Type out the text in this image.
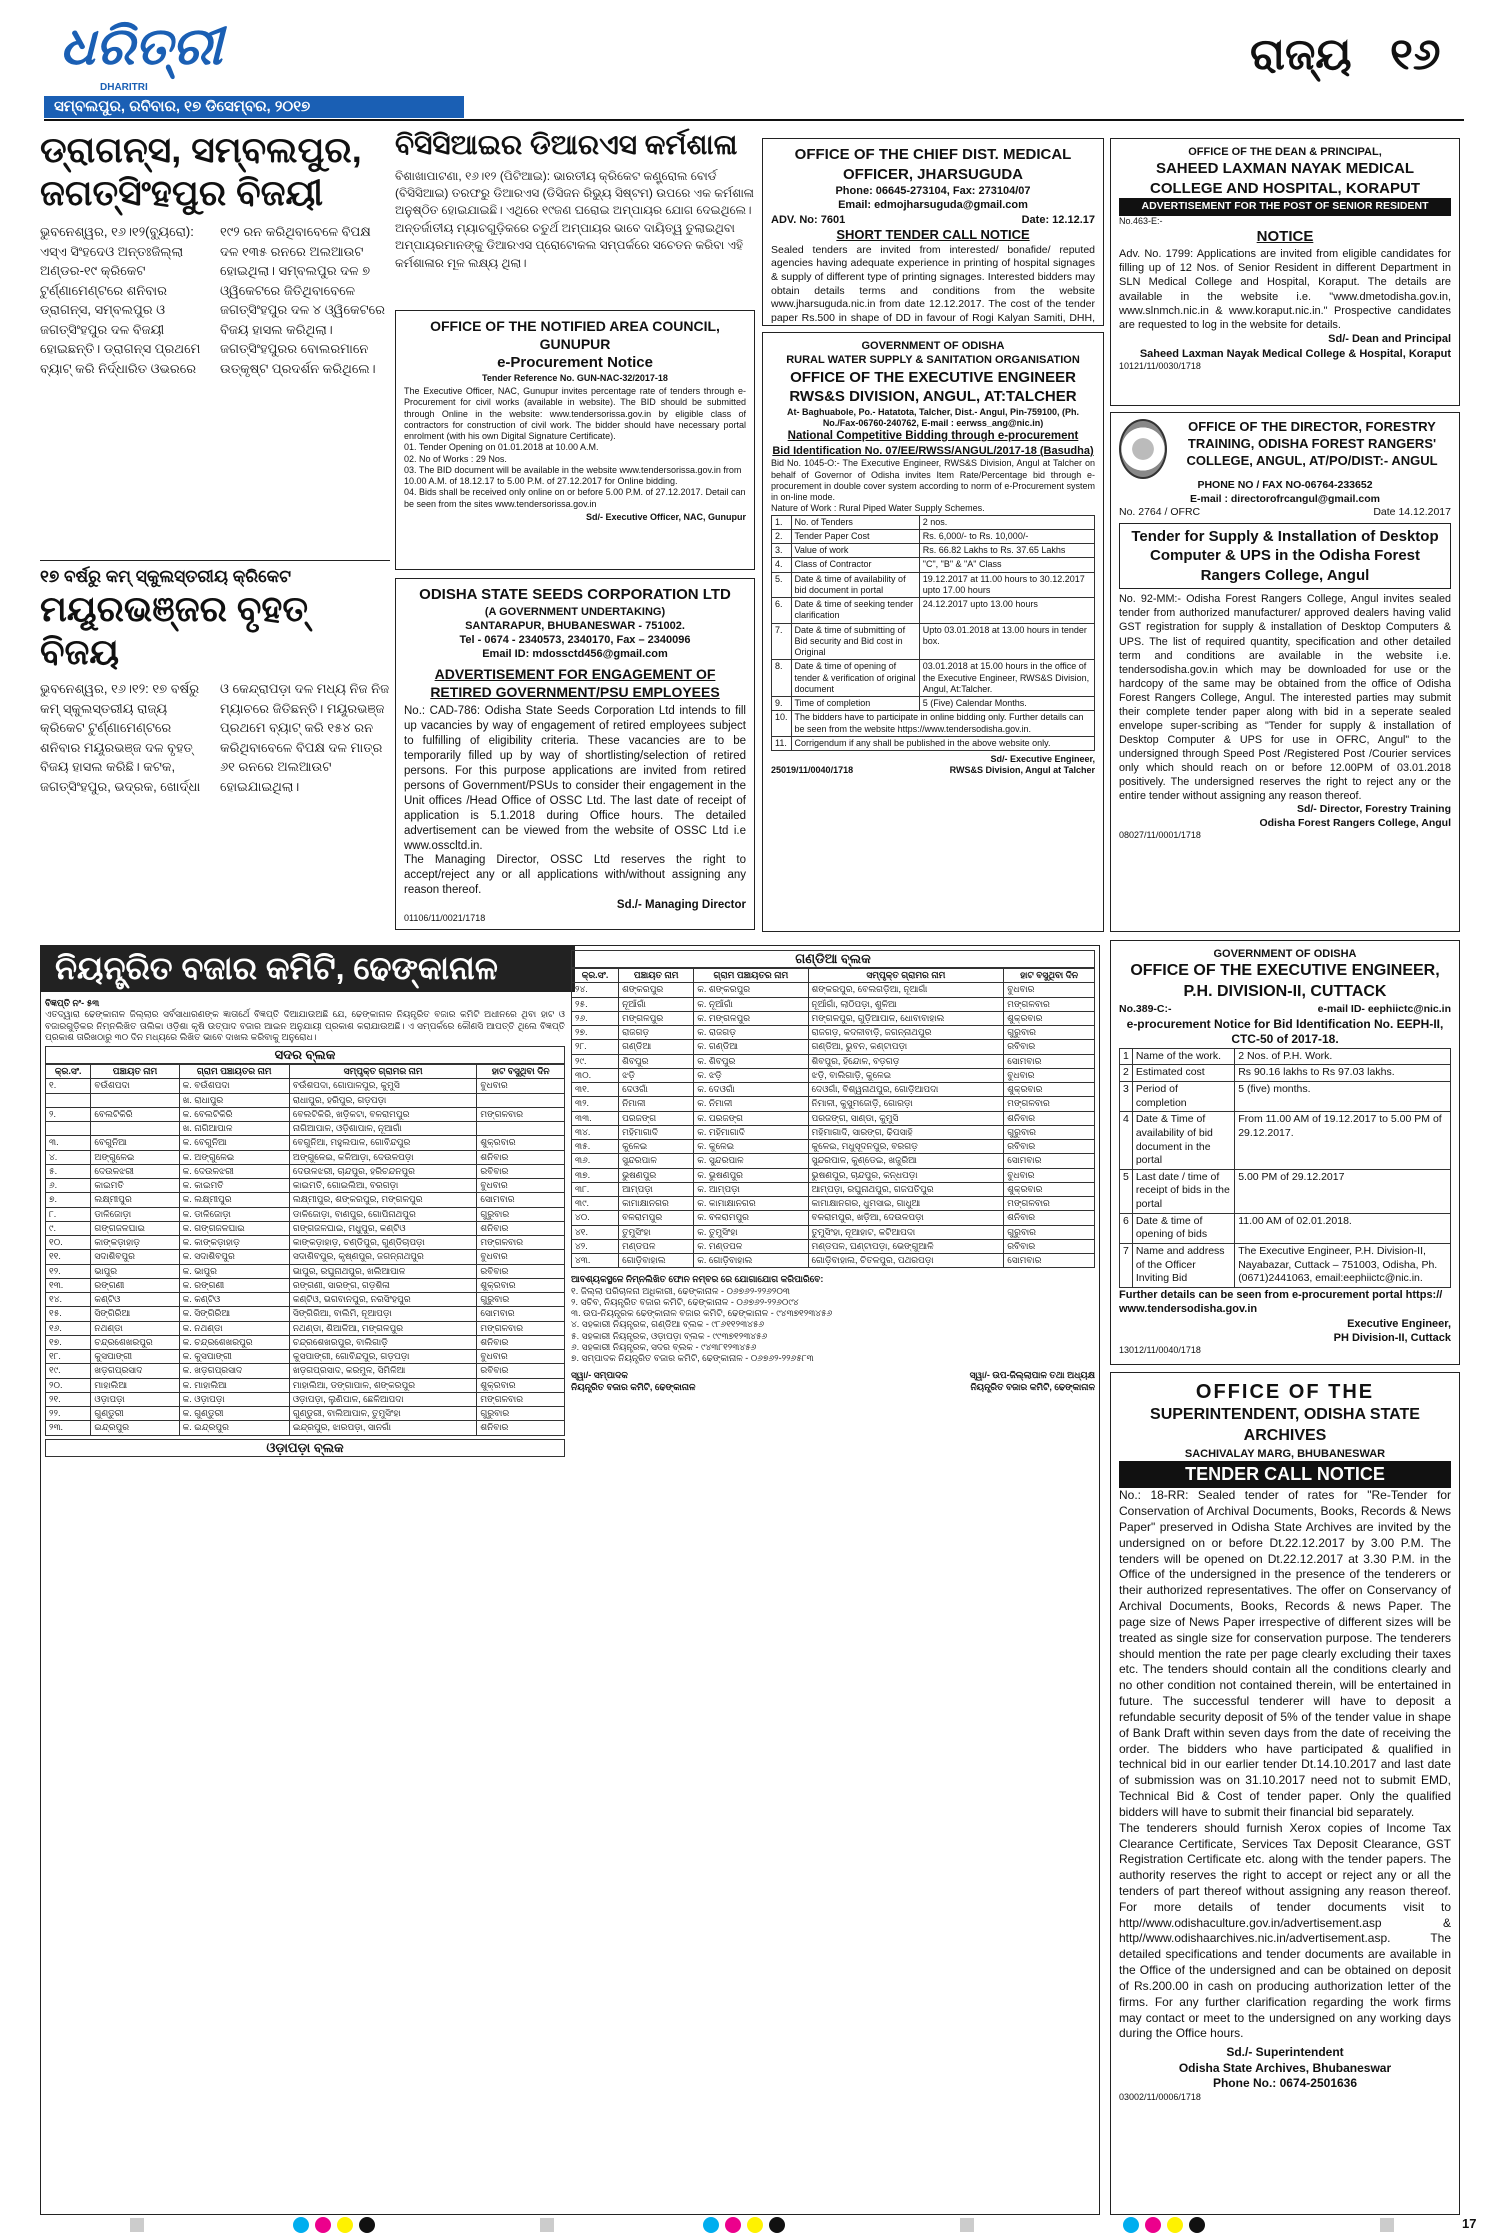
ଧରିତ୍ରୀ
DHARITRI
ସମ୍ବଲପୁର, ରବିବାର, ୧୭ ଡିସେମ୍ବର, ୨୦୧୭
ରାଜ୍ୟ ୧୬
ଡ୍ରାଗନ୍ସ, ସମ୍ବଲପୁର, ଜଗତ୍‌ସିଂହପୁର ବିଜୟୀ
ଭୁବନେଶ୍ୱର, ୧୬।୧୨(ବ୍ୟୁରୋ): ଏସ୍‌ଏ ସିଂହଦେଓ ଅନ୍ତଃଜିଲ୍ଲା ଅଣ୍ଡର-୧୯ କ୍ରିକେଟ ଟୁର୍ଣ୍ଣାମେଣ୍ଟରେ ଶନିବାର ଡ୍ରାଗନ୍ସ, ସମ୍ବଲପୁର ଓ ଜଗତ୍‌ସିଂହପୁର ଦଳ ବିଜୟୀ ହୋଇଛନ୍ତି। ଡ୍ରାଗନ୍ସ ପ୍ରଥମେ ବ୍ୟାଟ୍ କରି ନିର୍ଦ୍ଧାରିତ ଓଭରରେ ୧୯୨ ରନ କରିଥିବାବେଳେ ବିପକ୍ଷ ଦଳ ୧୩୫ ରନରେ ଅଲଆଉଟ ହୋଇଥିଲା। ସମ୍ବଲପୁର ଦଳ ୭ ଓ୍ୱିକେଟରେ ଜିତିଥିବାବେଳେ ଜଗତ୍‌ସିଂହପୁର ଦଳ ୪ ଓ୍ୱିକେଟରେ ବିଜୟ ହାସଲ କରିଥିଲା। ଜଗତ୍‌ସିଂହପୁରର ବୋଲରମାନେ ଉତ୍କୃଷ୍ଟ ପ୍ରଦର୍ଶନ କରିଥିଲେ।
୧୭ ବର୍ଷରୁ କମ୍ ସ୍କୁଲସ୍ତରୀୟ କ୍ରିକେଟ
ମୟୂରଭଞ୍ଜର ବୃହତ୍ ବିଜୟ
ଭୁବନେଶ୍ୱର, ୧୬।୧୨: ୧୭ ବର୍ଷରୁ କମ୍ ସ୍କୁଲସ୍ତରୀୟ ରାଜ୍ୟ କ୍ରିକେଟ ଟୁର୍ଣ୍ଣାମେଣ୍ଟରେ ଶନିବାର ମୟୂରଭଞ୍ଜ ଦଳ ବୃହତ୍ ବିଜୟ ହାସଲ କରିଛି। କଟକ, ଜଗତ୍‌ସିଂହପୁର, ଭଦ୍ରକ, ଖୋର୍ଦ୍ଧା ଓ କେନ୍ଦ୍ରାପଡ଼ା ଦଳ ମଧ୍ୟ ନିଜ ନିଜ ମ୍ୟାଚରେ ଜିତିଛନ୍ତି। ମୟୂରଭଞ୍ଜ ପ୍ରଥମେ ବ୍ୟାଟ୍ କରି ୧୫୪ ରନ କରିଥିବାବେଳେ ବିପକ୍ଷ ଦଳ ମାତ୍ର ୬୧ ରନରେ ଅଲଆଉଟ ହୋଇଯାଇଥିଲା।
ବିସିସିଆଇର ଡିଆରଏସ କର୍ମଶାଳା
ବିଶାଖାପାଟଣା, ୧୬।୧୨ (ପିଟିଆଇ): ଭାରତୀୟ କ୍ରିକେଟ କଣ୍ଟ୍ରୋଲ ବୋର୍ଡ (ବିସିସିଆଇ) ତରଫରୁ ଡିଆରଏସ (ଡିସିଜନ ରିଭ୍ୟୁ ସିଷ୍ଟମ) ଉପରେ ଏକ କର୍ମଶାଳା ଅନୁଷ୍ଠିତ ହୋଇଯାଇଛି। ଏଥିରେ ୧୯ଜଣ ଘରୋଇ ଅମ୍ପାୟର ଯୋଗ ଦେଇଥିଲେ। ଅନ୍ତର୍ଜାତୀୟ ମ୍ୟାଚଗୁଡ଼ିକରେ ଚତୁର୍ଥ ଅମ୍ପାୟର ଭାବେ ଦାୟିତ୍ୱ ତୁଲାଇଥିବା ଅମ୍ପାୟରମାନଙ୍କୁ ଡିଆରଏସ ପ୍ରୋଟୋକଲ ସମ୍ପର୍କରେ ସଚେତନ କରିବା ଏହି କର୍ମଶାଳାର ମୂଳ ଲକ୍ଷ୍ୟ ଥିଲା।
OFFICE OF THE NOTIFIED AREA COUNCIL, GUNUPUR
e-Procurement Notice
Tender Reference No. GUN-NAC-32/2017-18
The Executive Officer, NAC, Gunupur invites percentage rate of tenders through e-Procurement for civil works (available in website). The BID should be submitted through Online in the website: www.tendersorissa.gov.in by eligible class of contractors for construction of civil work. The bidder should have necessary portal enrolment (with his own Digital Signature Certificate).
01. Tender Opening on 01.01.2018 at 10.00 A.M.
02. No of Works : 29 Nos.
03. The BID document will be available in the website www.tendersorissa.gov.in from 10.00 A.M. of 18.12.17 to 5.00 P.M. of 27.12.2017 for Online bidding.
04. Bids shall be received only online on or before 5.00 P.M. of 27.12.2017. Detail can be seen from the sites www.tendersorissa.gov.in
Sd/- Executive Officer, NAC, Gunupur
ODISHA STATE SEEDS CORPORATION LTD
(A GOVERNMENT UNDERTAKING)
SANTARAPUR, BHUBANESWAR - 751002.
Tel - 0674 - 2340573, 2340170, Fax – 2340096
Email ID: mdossctd456@gmail.com
ADVERTISEMENT FOR ENGAGEMENT OF RETIRED GOVERNMENT/PSU EMPLOYEES
No.: CAD-786: Odisha State Seeds Corporation Ltd intends to fill up vacancies by way of engagement of retired employees subject to fulfilling of eligibility criteria. These vacancies are to be temporarily filled up by way of shortlisting/selection of retired persons. For this purpose applications are invited from retired persons of Government/PSUs to consider their engagement in the Unit offices /Head Office of OSSC Ltd. The last date of receipt of application is 5.1.2018 during Office hours. The detailed advertisement can be viewed from the website of OSSC Ltd i.e www.osscltd.in.
The Managing Director, OSSC Ltd reserves the right to accept/reject any or all applications with/without assigning any reason thereof.
Sd./- Managing Director
01106/11/0021/1718
OFFICE OF THE CHIEF DIST. MEDICAL OFFICER, JHARSUGUDA
Phone: 06645-273104, Fax: 273104/07
Email: edmojharsuguda@gmail.com
ADV. No: 7601	Date: 12.12.17
SHORT TENDER CALL NOTICE
Sealed tenders are invited from interested/ bonafide/ reputed agencies having adequate experience in printing of hospital signages & supply of different type of printing signages. Interested bidders may obtain details terms and conditions from the website www.jharsuguda.nic.in from date 12.12.2017. The cost of the tender paper Rs.500 in shape of DD in favour of Rogi Kalyan Samiti, DHH,
GOVERNMENT OF ODISHA
RURAL WATER SUPPLY & SANITATION ORGANISATION
OFFICE OF THE EXECUTIVE ENGINEER
RWS&S DIVISION, ANGUL, AT:TALCHER
At- Baghuabole, Po.- Hatatota, Talcher, Dist.- Angul, Pin-759100, (Ph. No./Fax-06760-240762, E-mail : eerwss_ang@nic.in)
National Competitive Bidding through e-procurement
Bid Identification No. 07/EE/RWSS/ANGUL/2017-18 (Basudha)
Bid No. 1045-O:- The Executive Engineer, RWS&S Division, Angul at Talcher on behalf of Governor of Odisha invites Item Rate/Percentage bid through e-procurement in double cover system according to norm of e-Procurement system in on-line mode.
Nature of Work : Rural Piped Water Supply Schemes.
1.	No. of Tenders	2 nos.
2.	Tender Paper Cost	Rs. 6,000/- to Rs. 10,000/-
3.	Value of work	Rs. 66.82 Lakhs to Rs. 37.65 Lakhs
4.	Class of Contractor	"C", "B" & "A" Class
5.	Date & time of availability of bid document in portal	19.12.2017 at 11.00 hours to 30.12.2017 upto 17.00 hours
6.	Date & time of seeking tender clarification	24.12.2017 upto 13.00 hours
7.	Date & time of submitting of Bid security and Bid cost in Original	Upto 03.01.2018 at 13.00 hours in tender box.
8.	Date & time of opening of tender & verification of original document	03.01.2018 at 15.00 hours in the office of the Executive Engineer, RWS&S Division, Angul, At:Talcher.
9.	Time of completion	5 (Five) Calendar Months.
10.	The bidders have to participate in online bidding only. Further details can be seen from the website https://www.tendersodisha.gov.in.	
11.	Corrigendum if any shall be published in the above website only.	
Sd/- Executive Engineer,
25019/11/0040/1718	RWS&S Division, Angul at Talcher
OFFICE OF THE DEAN & PRINCIPAL,
SAHEED LAXMAN NAYAK MEDICAL COLLEGE AND HOSPITAL, KORAPUT
ADVERTISEMENT FOR THE POST OF SENIOR RESIDENT
No.463-E:-
NOTICE
Adv. No. 1799: Applications are invited from eligible candidates for filling up of 12 Nos. of Senior Resident in different Department in SLN Medical College and Hospital, Koraput. The details are available in the website i.e. "www.dmetodisha.gov.in, www.slnmch.nic.in & www.koraput.nic.in." Prospective candidates are requested to log in the website for details.
Sd/- Dean and Principal
Saheed Laxman Nayak Medical College & Hospital, Koraput
10121/11/0030/1718
OFFICE OF THE DIRECTOR, FORESTRY TRAINING, ODISHA FOREST RANGERS' COLLEGE, ANGUL, AT/PO/DIST:- ANGUL
PHONE NO / FAX NO-06764-233652
E-mail : directorofrcangul@gmail.com
No. 2764 / OFRC	Date 14.12.2017
Tender for Supply & Installation of Desktop Computer & UPS in the Odisha Forest Rangers College, Angul
No. 92-MM:- Odisha Forest Rangers College, Angul invites sealed tender from authorized manufacturer/ approved dealers having valid GST registration for supply & installation of Desktop Computers & UPS. The list of required quantity, specification and other detailed term and conditions are available in the website i.e. tendersodisha.gov.in which may be downloaded for use or the hardcopy of the same may be obtained from the office of Odisha Forest Rangers College, Angul. The interested parties may submit their complete tender paper along with bid in a seperate sealed envelope super-scribing as "Tender for supply & installation of Desktop Computer & UPS for use in OFRC, Angul" to the undersigned through Speed Post /Registered Post /Courier services only which should reach on or before 12.00PM of 03.01.2018 positively. The undersigned reserves the right to reject any or the entire tender without assigning any reason thereof.
Sd/- Director, Forestry Training
Odisha Forest Rangers College, Angul
08027/11/0001/1718
ନିୟନ୍ତ୍ରିତ ବଜାର କମିଟି, ଢେଙ୍କାନାଳ
ବିଜ୍ଞପ୍ତି ନଂ- ୫୩
ଏତଦ୍ୱାରା ଢେଙ୍କାନାଳ ଜିଲ୍ଲାର ସର୍ବସାଧାରଣଙ୍କ ଜ୍ଞାତାର୍ଥେ ବିଜ୍ଞପ୍ତି ଦିଆଯାଉଅଛି ଯେ, ଢେଙ୍କାନାଳ ନିୟନ୍ତ୍ରିତ ବଜାର କମିଟି ଅଧୀନରେ ଥିବା ହାଟ ଓ ବଜାରଗୁଡ଼ିକର ନିମ୍ନଲିଖିତ ତାଲିକା ଓଡ଼ିଶା କୃଷି ଉତ୍ପାଦ ବଜାର ଆଇନ ଅନୁଯାୟୀ ପ୍ରକାଶ କରାଯାଉଅଛି। ଏ ସମ୍ପର୍କରେ କୌଣସି ଆପତ୍ତି ଥିଲେ ବିଜ୍ଞପ୍ତି ପ୍ରକାଶ ତାରିଖଠାରୁ ୩୦ ଦିନ ମଧ୍ୟରେ ଲିଖିତ ଭାବେ ଦାଖଲ କରିବାକୁ ଅନୁରୋଧ।
ସଦର ବ୍ଲକ
କ୍ର.ସଂ.	ପଞ୍ଚାୟତ ନାମ	ଗ୍ରାମ ପଞ୍ଚାୟତର ନାମ	ସମ୍ପୃକ୍ତ ଗ୍ରାମର ନାମ	ହାଟ ବସୁଥିବା ଦିନ
୧.	ବଉଁଶପଦା	କ. ବଉଁଶପଦା	ବଉଁଶପଦା, ଗୋପାଳପୁର, କୁମୁସି	ବୁଧବାର
		ଖ. ରାଧାପୁର	ରାଧାପୁର, ହରିପୁର, ଗଡ଼ପଡ଼ା	
୨.	ବେଲଟିକିରି	କ. ବେଲଟିକିରି	ବେଲଟିକିରି, ଖଡ଼ିକଟା, ବଳରାମପୁର	ମଙ୍ଗଳବାର
		ଖ. ନାଗିଆପାଳ	ନାଗିଆପାଳ, ଓଡ଼ିଶାପାଳ, ନୂଆଗାଁ	
୩.	ବେଗୁନିଆ	କ. ବେଗୁନିଆ	ବେଗୁନିଆ, ମହୁଲପାଳ, ଗୋବିନ୍ଦପୁର	ଶୁକ୍ରବାର
୪.	ଅଙ୍ଗୁଳେଇ	କ. ଅଙ୍ଗୁଳେଇ	ଅଙ୍ଗୁଳେଇ, କଳିଆଡ଼ା, ଦେଉଳପଡ଼ା	ଶନିବାର
୫.	ଦେଉଳଝରୀ	କ. ଦେଉଳଝରୀ	ଦେଉଳଝରୀ, ଚାନ୍ଦପୁର, ହରିଚନ୍ଦନପୁର	ରବିବାର
୬.	କାଇମତି	କ. କାଇମତି	କାଇମତି, ଗୋଇଲିଆ, ବରଗଡ଼ା	ବୁଧବାର
୭.	ଲକ୍ଷ୍ମୀପୁର	କ. ଲକ୍ଷ୍ମୀପୁର	ଲକ୍ଷ୍ମୀପୁର, ଶଙ୍କରପୁର, ମଙ୍ଗଳପୁର	ସୋମବାର
୮.	ଡାଳିଜୋଡ଼ା	କ. ଡାଳିଜୋଡ଼ା	ଡାଳିଜୋଡ଼ା, ବାଣପୁର, ଗୋପିନାଥପୁର	ଗୁରୁବାର
୯.	ଗଙ୍ଗଜଳଘାଇ	କ. ଗଙ୍ଗଜଳଘାଇ	ଗଙ୍ଗଜଳଘାଇ, ମଧୁପୁର, କଣ୍ଟିଓ	ଶନିବାର
୧୦.	କାଙ୍କଡ଼ାହାଡ଼	କ. କାଙ୍କଡ଼ାହାଡ଼	କାଙ୍କଡ଼ାହାଡ଼, ଚଣ୍ଡିପୁର, ଗୁଣ୍ଡିଚାପଡ଼ା	ମଙ୍ଗଳବାର
୧୧.	ସଦାଶିବପୁର	କ. ସଦାଶିବପୁର	ସଦାଶିବପୁର, କୃଷ୍ଣପୁର, ଜଗନ୍ନାଥପୁର	ବୁଧବାର
୧୨.	ଭାପୁର	କ. ଭାପୁର	ଭାପୁର, ରଘୁନାଥପୁର, ଖଲିଆପାଳ	ରବିବାର
୧୩.	ରଙ୍ଗଣୀ	କ. ରଙ୍ଗଣୀ	ରଙ୍ଗଣୀ, ସାରଙ୍ଗ, ଗଡ଼ଶିଳା	ଶୁକ୍ରବାର
୧୪.	କଣ୍ଟିଓ	କ. କଣ୍ଟିଓ	କଣ୍ଟିଓ, ଭଗବାନପୁର, ନରସିଂହପୁର	ଗୁରୁବାର
୧୫.	ସିଙ୍ଗିରିଆ	କ. ସିଙ୍ଗିରିଆ	ସିଙ୍ଗିରିଆ, ବାଲିମି, ନୂଆପଡ଼ା	ସୋମବାର
୧୬.	ନଥଣ୍ଡା	କ. ନଥଣ୍ଡା	ନଥଣ୍ଡା, ଶିଆଳିଆ, ମଙ୍ଗଳପୁର	ମଙ୍ଗଳବାର
୧୭.	ଚନ୍ଦ୍ରଶେଖରପୁର	କ. ଚନ୍ଦ୍ରଶେଖରପୁର	ଚନ୍ଦ୍ରଶେଖରପୁର, ବାଲିଗାଡ଼ି	ଶନିବାର
୧୮.	କୁସପାଙ୍ଗୀ	କ. କୁସପାଙ୍ଗୀ	କୁସପାଙ୍ଗୀ, ଗୋବିନ୍ଦପୁର, ଗଡ଼ପଡ଼ା	ବୁଧବାର
୧୯.	ଖଡ଼ଗପ୍ରସାଦ	କ. ଖଡ଼ଗପ୍ରସାଦ	ଖଡ଼ଗପ୍ରସାଦ, କରମୁଳ, ସିମିଳିଆ	ରବିବାର
୨୦.	ମାହାଲିଆ	କ. ମାହାଲିଆ	ମାହାଲିଆ, ଡଙ୍ଗାପାଳ, ଶଙ୍କରପୁର	ଶୁକ୍ରବାର
୨୧.	ଓଡ଼ାପଡ଼ା	କ. ଓଡ଼ାପଡ଼ା	ଓଡ଼ାପଡ଼ା, ଲୁଣିପାଳ, ଛେଳିଆପଦା	ମଙ୍ଗଳବାର
୨୨.	ଗୁଣ୍ଡୁରୀ	କ. ଗୁଣ୍ଡୁରୀ	ଗୁଣ୍ଡୁରୀ, ବାଲିଆପାଳ, ତୁମୁସିଂହା	ଗୁରୁବାର
୨୩.	ଇନ୍ଦ୍ରପୁର	କ. ଇନ୍ଦ୍ରପୁର	ଇନ୍ଦ୍ରପୁର, ଝାରପଡ଼ା, ସାନଗାଁ	ଶନିବାର
ଓଡ଼ାପଡ଼ା ବ୍ଲକ
ଗଣ୍ଡିଆ ବ୍ଲକ
କ୍ର.ସଂ.	ପଞ୍ଚାୟତ ନାମ	ଗ୍ରାମ ପଞ୍ଚାୟତର ନାମ	ସମ୍ପୃକ୍ତ ଗ୍ରାମର ନାମ	ହାଟ ବସୁଥିବା ଦିନ
୨୪.	ଶଙ୍କରପୁର	କ. ଶଙ୍କରପୁର	ଶଙ୍କରପୁର, ବେଲଗଡ଼ିଆ, ନୂଆଗାଁ	ବୁଧବାର
୨୫.	ନୂଆଁଗାଁ	କ. ନୂଆଁଗାଁ	ନୂଆଁଗାଁ, ଲାଠିପଡ଼ା, ଶୁଳିଆ	ମଙ୍ଗଳବାର
୨୬.	ମଙ୍ଗଳପୁର	କ. ମଙ୍ଗଳପୁର	ମଙ୍ଗଳପୁର, ଗୁଡ଼ିଆପାଳ, ଧୋବାବାହାଲ	ଶୁକ୍ରବାର
୨୭.	ରାଜଗଡ଼	କ. ରାଜଗଡ଼	ରାଜଗଡ଼, କଦଳୀବାଡ଼ି, ଜଗନ୍ନାଥପୁର	ଗୁରୁବାର
୨୮.	ଗଣ୍ଡିଆ	କ. ଗଣ୍ଡିଆ	ଗଣ୍ଡିଆ, ଭୁବନ, କଣ୍ଟାପଡ଼ା	ରବିବାର
୨୯.	ଶିବପୁର	କ. ଶିବପୁର	ଶିବପୁର, ହିନ୍ଦୋଳ, ବଡ଼ଗଡ଼	ସୋମବାର
୩୦.	ଝଡ଼ି	କ. ଝଡ଼ି	ଝଡ଼ି, ବାଲିଗାଡ଼ି, କୁଳେଇ	ବୁଧବାର
୩୧.	ଦେଓଗାଁ	କ. ଦେଓଗାଁ	ଦେଓଗାଁ, ବିଶ୍ୱନାଥପୁର, ଗୋଡ଼ିଆପଦା	ଶୁକ୍ରବାର
୩୨.	ନିମାଳୀ	କ. ନିମାଳୀ	ନିମାଳୀ, କୁସୁମଜୋଡ଼ି, ଗୋରଡ଼ା	ମଙ୍ଗଳବାର
୩୩.	ପରଜଙ୍ଗ	କ. ପରଜଙ୍ଗ	ପରଜଙ୍ଗ, ସାଣ୍ଡା, କୁମୁସି	ଶନିବାର
୩୪.	ମହିମାଗାଦି	କ. ମହିମାଗାଦି	ମହିମାଗାଦି, ସାରଙ୍ଗ, ଢିପସାହି	ଗୁରୁବାର
୩୫.	କୁଳେଇ	କ. କୁଳେଇ	କୁଳେଇ, ମଧୁସୂଦନପୁର, ବରଗଡ଼	ରବିବାର
୩୬.	ସୁନ୍ଦରପାଳ	କ. ସୁନ୍ଦରପାଳ	ସୁନ୍ଦରପାଳ, କୁଣ୍ଡେଇ, ଖଜୁରିଆ	ସୋମବାର
୩୭.	ଭୁଷଣପୁର	କ. ଭୁଷଣପୁର	ଭୁଷଣପୁର, ଚାନ୍ଦପୁର, କନ୍ଧପଡ଼ା	ବୁଧବାର
୩୮.	ଆମ୍ପଡ଼ା	କ. ଆମ୍ପଡ଼ା	ଆମ୍ପଡ଼ା, ରଘୁନାଥପୁର, ଗଜପତିପୁର	ଶୁକ୍ରବାର
୩୯.	କାମାକ୍ଷାନଗର	କ. କାମାକ୍ଷାନଗର	କାମାକ୍ଷାନଗର, ଧୁମସାଇ, ଗାଧୁଆ	ମଙ୍ଗଳବାର
୪୦.	ବଳରାମପୁର	କ. ବଳରାମପୁର	ବଳରାମପୁର, ଖଡ଼ିଆ, ଦେଉଳପଡ଼ା	ଶନିବାର
୪୧.	ତୁମୁସିଂହା	କ. ତୁମୁସିଂହା	ତୁମୁସିଂହା, ନୂଆହାଟ, କଟିଆପଦା	ଗୁରୁବାର
୪୨.	ମଣ୍ଡପଳ	କ. ମଣ୍ଡପଳ	ମଣ୍ଡପଳ, ଘଣ୍ଟାପଡ଼ା, ଭେଙ୍ଗୁଆଳି	ରବିବାର
୪୩.	ଗୋଡ଼ିବାହାଲ	କ. ଗୋଡ଼ିବାହାଲ	ଗୋଡ଼ିବାହାଲ, ଚିତଳପୁର, ପଥରପଡ଼ା	ସୋମବାର
ଆବଶ୍ୟକସ୍ଥଳେ ନିମ୍ନଲିଖିତ ଫୋନ ନମ୍ବର ରେ ଯୋଗାଯୋଗ କରିପାରିବେ:
୧. ଜିଲ୍ଲା ପରିଚାଳନା ଅଧିକାରୀ, ଢେଙ୍କାନାଳ - ୦୬୭୬୨-୨୨୬୨୦୩
୨. ସଚିବ, ନିୟନ୍ତ୍ରିତ ବଜାର କମିଟି, ଢେଙ୍କାନାଳ - ୦୬୭୬୨-୨୨୬୦୯୪
୩. ଉପ-ନିୟନ୍ତ୍ରକ ଢେଙ୍କାନାଳ ବଜାର କମିଟି, ଢେଙ୍କାନାଳ - ୯୪୩୭୧୨୩୪୫୬
୪. ସହକାରୀ ନିୟନ୍ତ୍ରକ, ଗଣ୍ଡିଆ ବ୍ଲକ - ୯୮୬୧୧୨୩୪୫୬
୫. ସହକାରୀ ନିୟନ୍ତ୍ରକ, ଓଡ଼ାପଡ଼ା ବ୍ଲକ - ୯୯୩୭୧୨୩୪୫୬
୬. ସହକାରୀ ନିୟନ୍ତ୍ରକ, ସଦର ବ୍ଲକ - ୯୪୩୮୧୨୩୪୫୬
୭. ସମ୍ପାଦକ ନିୟନ୍ତ୍ରିତ ବଜାର କମିଟି, ଢେଙ୍କାନାଳ - ୦୬୭୬୨-୨୨୬୫୮୩
ସ୍ୱା/- ସମ୍ପାଦକ
ନିୟନ୍ତ୍ରିତ ବଜାର କମିଟି, ଢେଙ୍କାନାଳ
ସ୍ୱା/- ଉପ-ଜିଲ୍ଲାପାଳ ତଥା ଅଧ୍ୟକ୍ଷ
ନିୟନ୍ତ୍ରିତ ବଜାର କମିଟି, ଢେଙ୍କାନାଳ
GOVERNMENT OF ODISHA
OFFICE OF THE EXECUTIVE ENGINEER, P.H. DIVISION-II, CUTTACK
No.389-C:-	e-mail ID- eephiictc@nic.in
e-procurement Notice for Bid Identification No. EEPH-II, CTC-50 of 2017-18.
1	Name of the work.	2 Nos. of P.H. Work.
2	Estimated cost	Rs 90.16 lakhs to Rs 97.03 lakhs.
3	Period of completion	5 (five) months.
4	Date & Time of availability of bid document in the portal	From 11.00 AM of 19.12.2017 to 5.00 PM of 29.12.2017.
5	Last date / time of receipt of bids in the portal	5.00 PM of 29.12.2017
6	Date & time of opening of bids	11.00 AM of 02.01.2018.
7	Name and address of the Officer Inviting Bid	The Executive Engineer, P.H. Division-II, Nayabazar, Cuttack – 751003, Odisha, Ph.(0671)2441063, email:eephiictc@nic.in.
Further details can be seen from e-procurement portal https:// www.tendersodisha.gov.in
Executive Engineer,
PH Division-II, Cuttack
13012/11/0040/1718
OFFICE OF THE
SUPERINTENDENT, ODISHA STATE ARCHIVES
SACHIVALAY MARG, BHUBANESWAR
TENDER CALL NOTICE
No.: 18-RR: Sealed tender of rates for "Re-Tender for Conservation of Archival Documents, Books, Records & News Paper" preserved in Odisha State Archives are invited by the undersigned on or before Dt.22.12.2017 by 3.00 P.M. The tenders will be opened on Dt.22.12.2017 at 3.30 P.M. in the Office of the undersigned in the presence of the tenderers or their authorized representatives. The offer on Conservancy of Archival Documents, Books, Records & news Paper. The page size of News Paper irrespective of different sizes will be treated as single size for conservation purpose. The tenderers should mention the rate per page clearly excluding their taxes etc. The tenders should contain all the conditions clearly and no other condition not contained therein, will be entertained in future. The successful tenderer will have to deposit a refundable security deposit of 5% of the tender value in shape of Bank Draft within seven days from the date of receiving the order. The bidders who have participated & qualified in technical bid in our earlier tender Dt.14.10.2017 and last date of submission was on 31.10.2017 need not to submit EMD, Technical Bid & Cost of tender paper. Only the qualified bidders will have to submit their financial bid separately.
The tenderers should furnish Xerox copies of Income Tax Clearance Certificate, Services Tax Deposit Clearance, GST Registration Certificate etc. along with the tender papers. The authority reserves the right to accept or reject any or all the tenders of part thereof without assigning any reason thereof. For more details of tender documents visit to http//www.odishaculture.gov.in/advertisement.asp & http//www.odishaarchives.nic.in/advertisement.asp. The detailed specifications and tender documents are available in the Office of the undersigned and can be obtained on deposit of Rs.200.00 in cash on producing authorization letter of the firms. For any further clarification regarding the work firms may contact or meet to the undersigned on any working days during the Office hours.
Sd./- Superintendent
Odisha State Archives, Bhubaneswar
Phone No.: 0674-2501636
03002/11/0006/1718
17
